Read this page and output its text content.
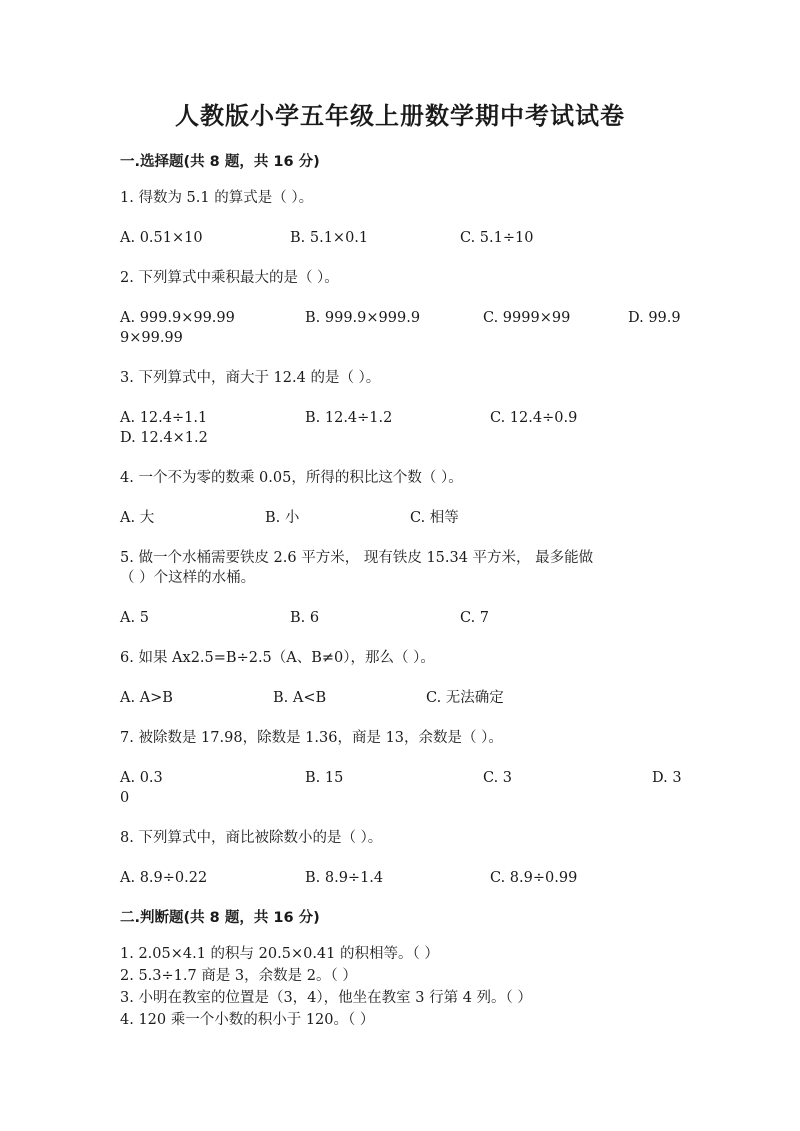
人教版小学五年级上册数学期中考试试卷
一.选择题(共 8 题，共 16 分)
1. 得数为 5.1 的算式是（ ）。
A. 0.51×10	B. 5.1×0.1	C. 5.1÷10
2. 下列算式中乘积最大的是（ ）。
A. 999.9×99.99	B. 999.9×999.9	C. 9999×99	D. 99.9
9×99.99
3. 下列算式中，商大于 12.4 的是（ ）。
A. 12.4÷1.1	B. 12.4÷1.2	C. 12.4÷0.9
D. 12.4×1.2
4. 一个不为零的数乘 0.05，所得的积比这个数（ ）。
A. 大	B. 小	C. 相等
5. 做一个水桶需要铁皮 2.6 平方米， 现有铁皮 15.34 平方米， 最多能做
（ ）个这样的水桶。
A. 5	B. 6	C. 7
6. 如果 Ax2.5=B÷2.5（A、B≠0），那么（ ）。
A. A>B	B. A<B	C. 无法确定
7. 被除数是 17.98，除数是 1.36，商是 13，余数是（ ）。
A. 0.3	B. 15	C. 3	D. 3
0
8. 下列算式中，商比被除数小的是（ ）。
A. 8.9÷0.22	B. 8.9÷1.4	C. 8.9÷0.99
二.判断题(共 8 题，共 16 分)
1. 2.05×4.1 的积与 20.5×0.41 的积相等。（ ）
2. 5.3÷1.7 商是 3，余数是 2。（ ）
3. 小明在教室的位置是（3，4），他坐在教室 3 行第 4 列。（ ）
4. 120 乘一个小数的积小于 120。（ ）
